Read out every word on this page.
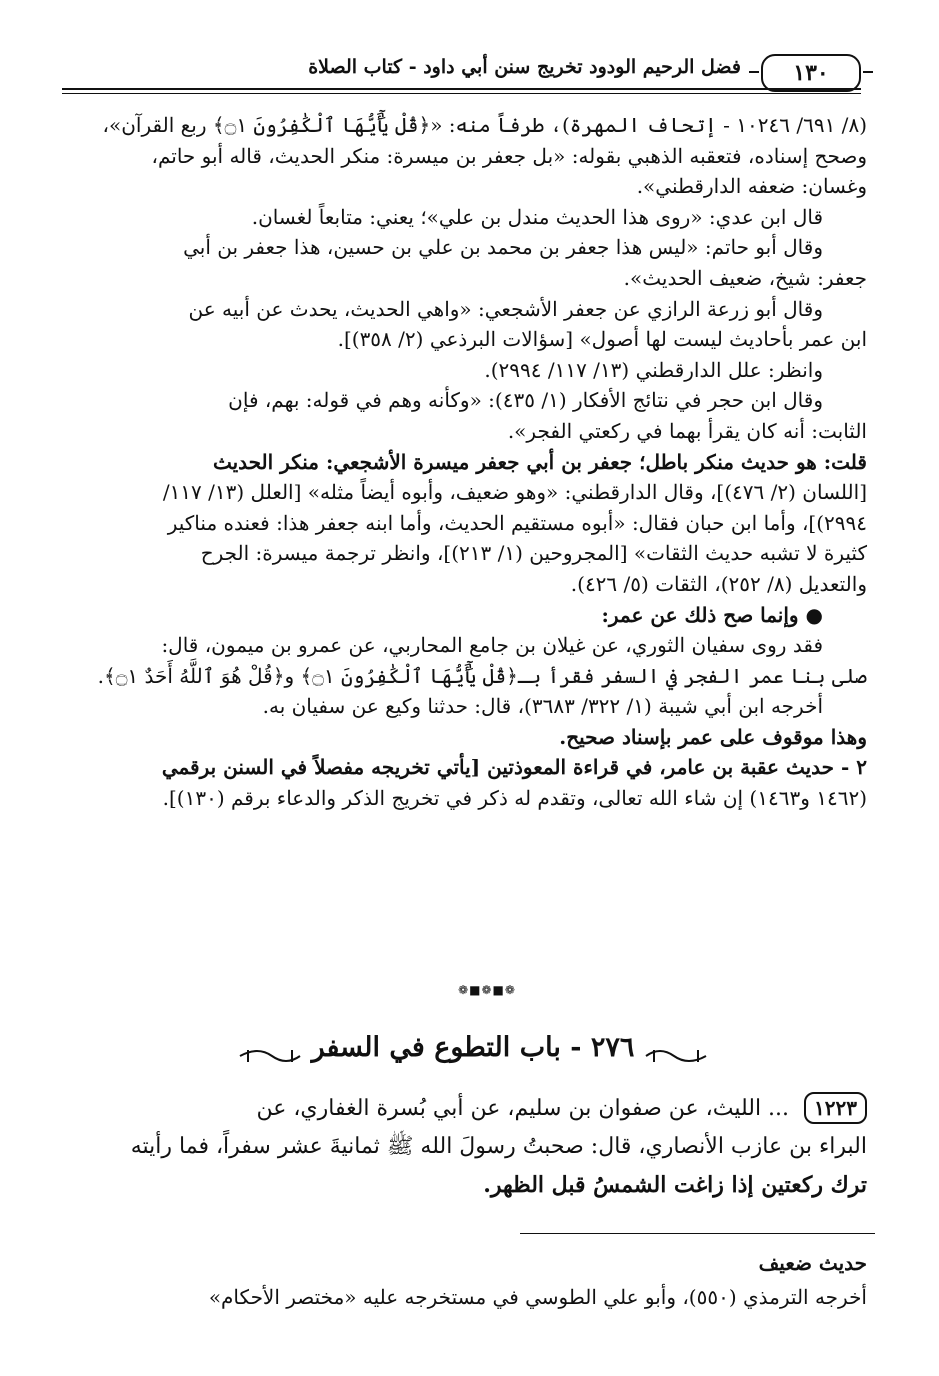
١٣٠
فضل الرحيم الودود تخريج سنن أبي داود - كتاب الصلاة
(٨/ ٦٩١/ ١٠٢٤٦ - إتحاف المهرة)، طرفاً منه: «﴿قُلْ يَٰٓأَيُّهَا ٱلْكَٰفِرُونَ ۝١﴾ ربع القرآن»،
وصحح إسناده، فتعقبه الذهبي بقوله: «بل جعفر بن ميسرة: منكر الحديث، قاله أبو حاتم،
وغسان: ضعفه الدارقطني».
قال ابن عدي: «روى هذا الحديث مندل بن علي»؛ يعني: متابعاً لغسان.
وقال أبو حاتم: «ليس هذا جعفر بن محمد بن علي بن حسين، هذا جعفر بن أبي
جعفر: شيخ، ضعيف الحديث».
وقال أبو زرعة الرازي عن جعفر الأشجعي: «واهي الحديث، يحدث عن أبيه عن
ابن عمر بأحاديث ليست لها أصول» [سؤالات البرذعي (٢/ ٣٥٨)].
وانظر: علل الدارقطني (١٣/ ١١٧/ ٢٩٩٤).
وقال ابن حجر في نتائج الأفكار (١/ ٤٣٥): «وكأنه وهم في قوله: بهم، فإن
الثابت: أنه كان يقرأ بهما في ركعتي الفجر».
قلت: هو حديث منكر باطل؛ جعفر بن أبي جعفر ميسرة الأشجعي: منكر الحديث
[اللسان (٢/ ٤٧٦)]، وقال الدارقطني: «وهو ضعيف، وأبوه أيضاً مثله» [العلل (١٣/ ١١٧/
٢٩٩٤)]، وأما ابن حبان فقال: «أبوه مستقيم الحديث، وأما ابنه جعفر هذا: فعنده مناكير
كثيرة لا تشبه حديث الثقات» [المجروحين (١/ ٢١٣)]، وانظر ترجمة ميسرة: الجرح
والتعديل (٨/ ٢٥٢)، الثقات (٥/ ٤٢٦).
● وإنما صح ذلك عن عمر:
فقد روى سفيان الثوري، عن غيلان بن جامع المحاربي، عن عمرو بن ميمون، قال:
صلى بنا عمر الفجر في السفر فقرأ بـ﴿قُلْ يَٰٓأَيُّهَا ٱلْكَٰفِرُونَ ۝١﴾ و﴿قُلْ هُوَ ٱللَّهُ أَحَدٌ ۝١﴾.
أخرجه ابن أبي شيبة (١/ ٣٢٢/ ٣٦٨٣)، قال: حدثنا وكيع عن سفيان به.
وهذا موقوف على عمر بإسناد صحيح.
٢ - حديث عقبة بن عامر، في قراءة المعوذتين [يأتي تخريجه مفصلاً في السنن برقمي
(١٤٦٢ و١٤٦٣) إن شاء الله تعالى، وتقدم له ذكر في تخريج الذكر والدعاء برقم (١٣٠)].
❁■❁■❁
٢٧٦ - باب التطوع في السفر
١٢٢٣ ... الليث، عن صفوان بن سليم، عن أبي بُسرة الغفاري، عن
البراء بن عازب الأنصاري، قال: صحبتُ رسولَ الله ﷺ ثمانيةَ عشر سفراً، فما رأيته
ترك ركعتين إذا زاغت الشمسُ قبل الظهر.
حديث ضعيف
أخرجه الترمذي (٥٥٠)، وأبو علي الطوسي في مستخرجه عليه «مختصر الأحكام»
